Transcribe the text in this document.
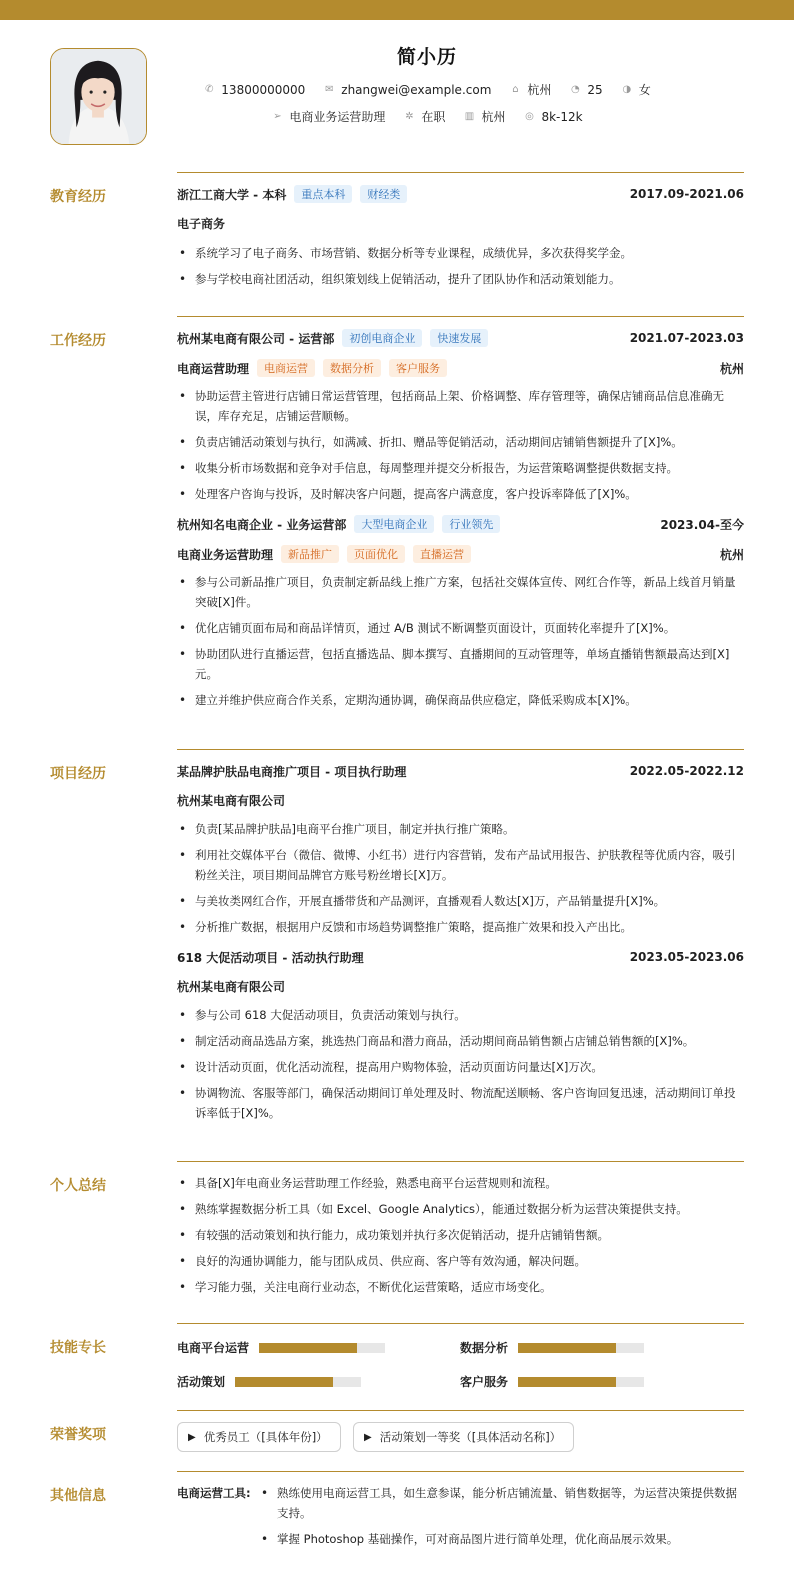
简小历
✆ 13800000000 ✉ zhangwei@example.com ⌂ 杭州 ◔ 25 ◑ 女
➢ 电商业务运营助理 ✲ 在职 ▥ 杭州 ◎ 8k-12k
教育经历	浙江工商大学 - 本科	重点本科	财经类	2017.09-2021.06
电子商务
• 系统学习了电子商务、市场营销、数据分析等专业课程，成绩优异，多次获得奖学金。
• 参与学校电商社团活动，组织策划线上促销活动，提升了团队协作和活动策划能力。
工作经历	杭州某电商有限公司 - 运营部	初创电商企业	快速发展	2021.07-2023.03
电商运营助理	电商运营	数据分析	客户服务	杭州
• 协助运营主管进行店铺日常运营管理，包括商品上架、价格调整、库存管理等，确保店铺商品信息准确无误，库存充足，店铺运营顺畅。
• 负责店铺活动策划与执行，如满减、折扣、赠品等促销活动，活动期间店铺销售额提升了[X]%。
• 收集分析市场数据和竞争对手信息，每周整理并提交分析报告，为运营策略调整提供数据支持。
• 处理客户咨询与投诉，及时解决客户问题，提高客户满意度，客户投诉率降低了[X]%。
杭州知名电商企业 - 业务运营部	大型电商企业	行业领先	2023.04-至今
电商业务运营助理	新品推广	页面优化	直播运营	杭州
• 参与公司新品推广项目，负责制定新品线上推广方案，包括社交媒体宣传、网红合作等，新品上线首月销量突破[X]件。
• 优化店铺页面布局和商品详情页，通过 A/B 测试不断调整页面设计，页面转化率提升了[X]%。
• 协助团队进行直播运营，包括直播选品、脚本撰写、直播期间的互动管理等，单场直播销售额最高达到[X]元。
• 建立并维护供应商合作关系，定期沟通协调，确保商品供应稳定，降低采购成本[X]%。
项目经历	某品牌护肤品电商推广项目 - 项目执行助理	2022.05-2022.12
杭州某电商有限公司
• 负责[某品牌护肤品]电商平台推广项目，制定并执行推广策略。
• 利用社交媒体平台（微信、微博、小红书）进行内容营销，发布产品试用报告、护肤教程等优质内容，吸引粉丝关注，项目期间品牌官方账号粉丝增长[X]万。
• 与美妆类网红合作，开展直播带货和产品测评，直播观看人数达[X]万，产品销量提升[X]%。
• 分析推广数据，根据用户反馈和市场趋势调整推广策略，提高推广效果和投入产出比。
618 大促活动项目 - 活动执行助理	2023.05-2023.06
杭州某电商有限公司
• 参与公司 618 大促活动项目，负责活动策划与执行。
• 制定活动商品选品方案，挑选热门商品和潜力商品，活动期间商品销售额占店铺总销售额的[X]%。
• 设计活动页面，优化活动流程，提高用户购物体验，活动页面访问量达[X]万次。
• 协调物流、客服等部门，确保活动期间订单处理及时、物流配送顺畅、客户咨询回复迅速，活动期间订单投诉率低于[X]%。
个人总结	• 具备[X]年电商业务运营助理工作经验，熟悉电商平台运营规则和流程。
• 熟练掌握数据分析工具（如 Excel、Google Analytics），能通过数据分析为运营决策提供支持。
• 有较强的活动策划和执行能力，成功策划并执行多次促销活动，提升店铺销售额。
• 良好的沟通协调能力，能与团队成员、供应商、客户等有效沟通，解决问题。
• 学习能力强，关注电商行业动态，不断优化运营策略，适应市场变化。
技能专长	电商平台运营	数据分析
活动策划	客户服务
荣誉奖项	▶ 优秀员工（[具体年份]）	▶ 活动策划一等奖（[具体活动名称]）
其他信息	电商运营工具:	• 熟练使用电商运营工具，如生意参谋，能分析店铺流量、销售数据等，为运营决策提供数据支持。
• 掌握 Photoshop 基础操作，可对商品图片进行简单处理，优化商品展示效果。
